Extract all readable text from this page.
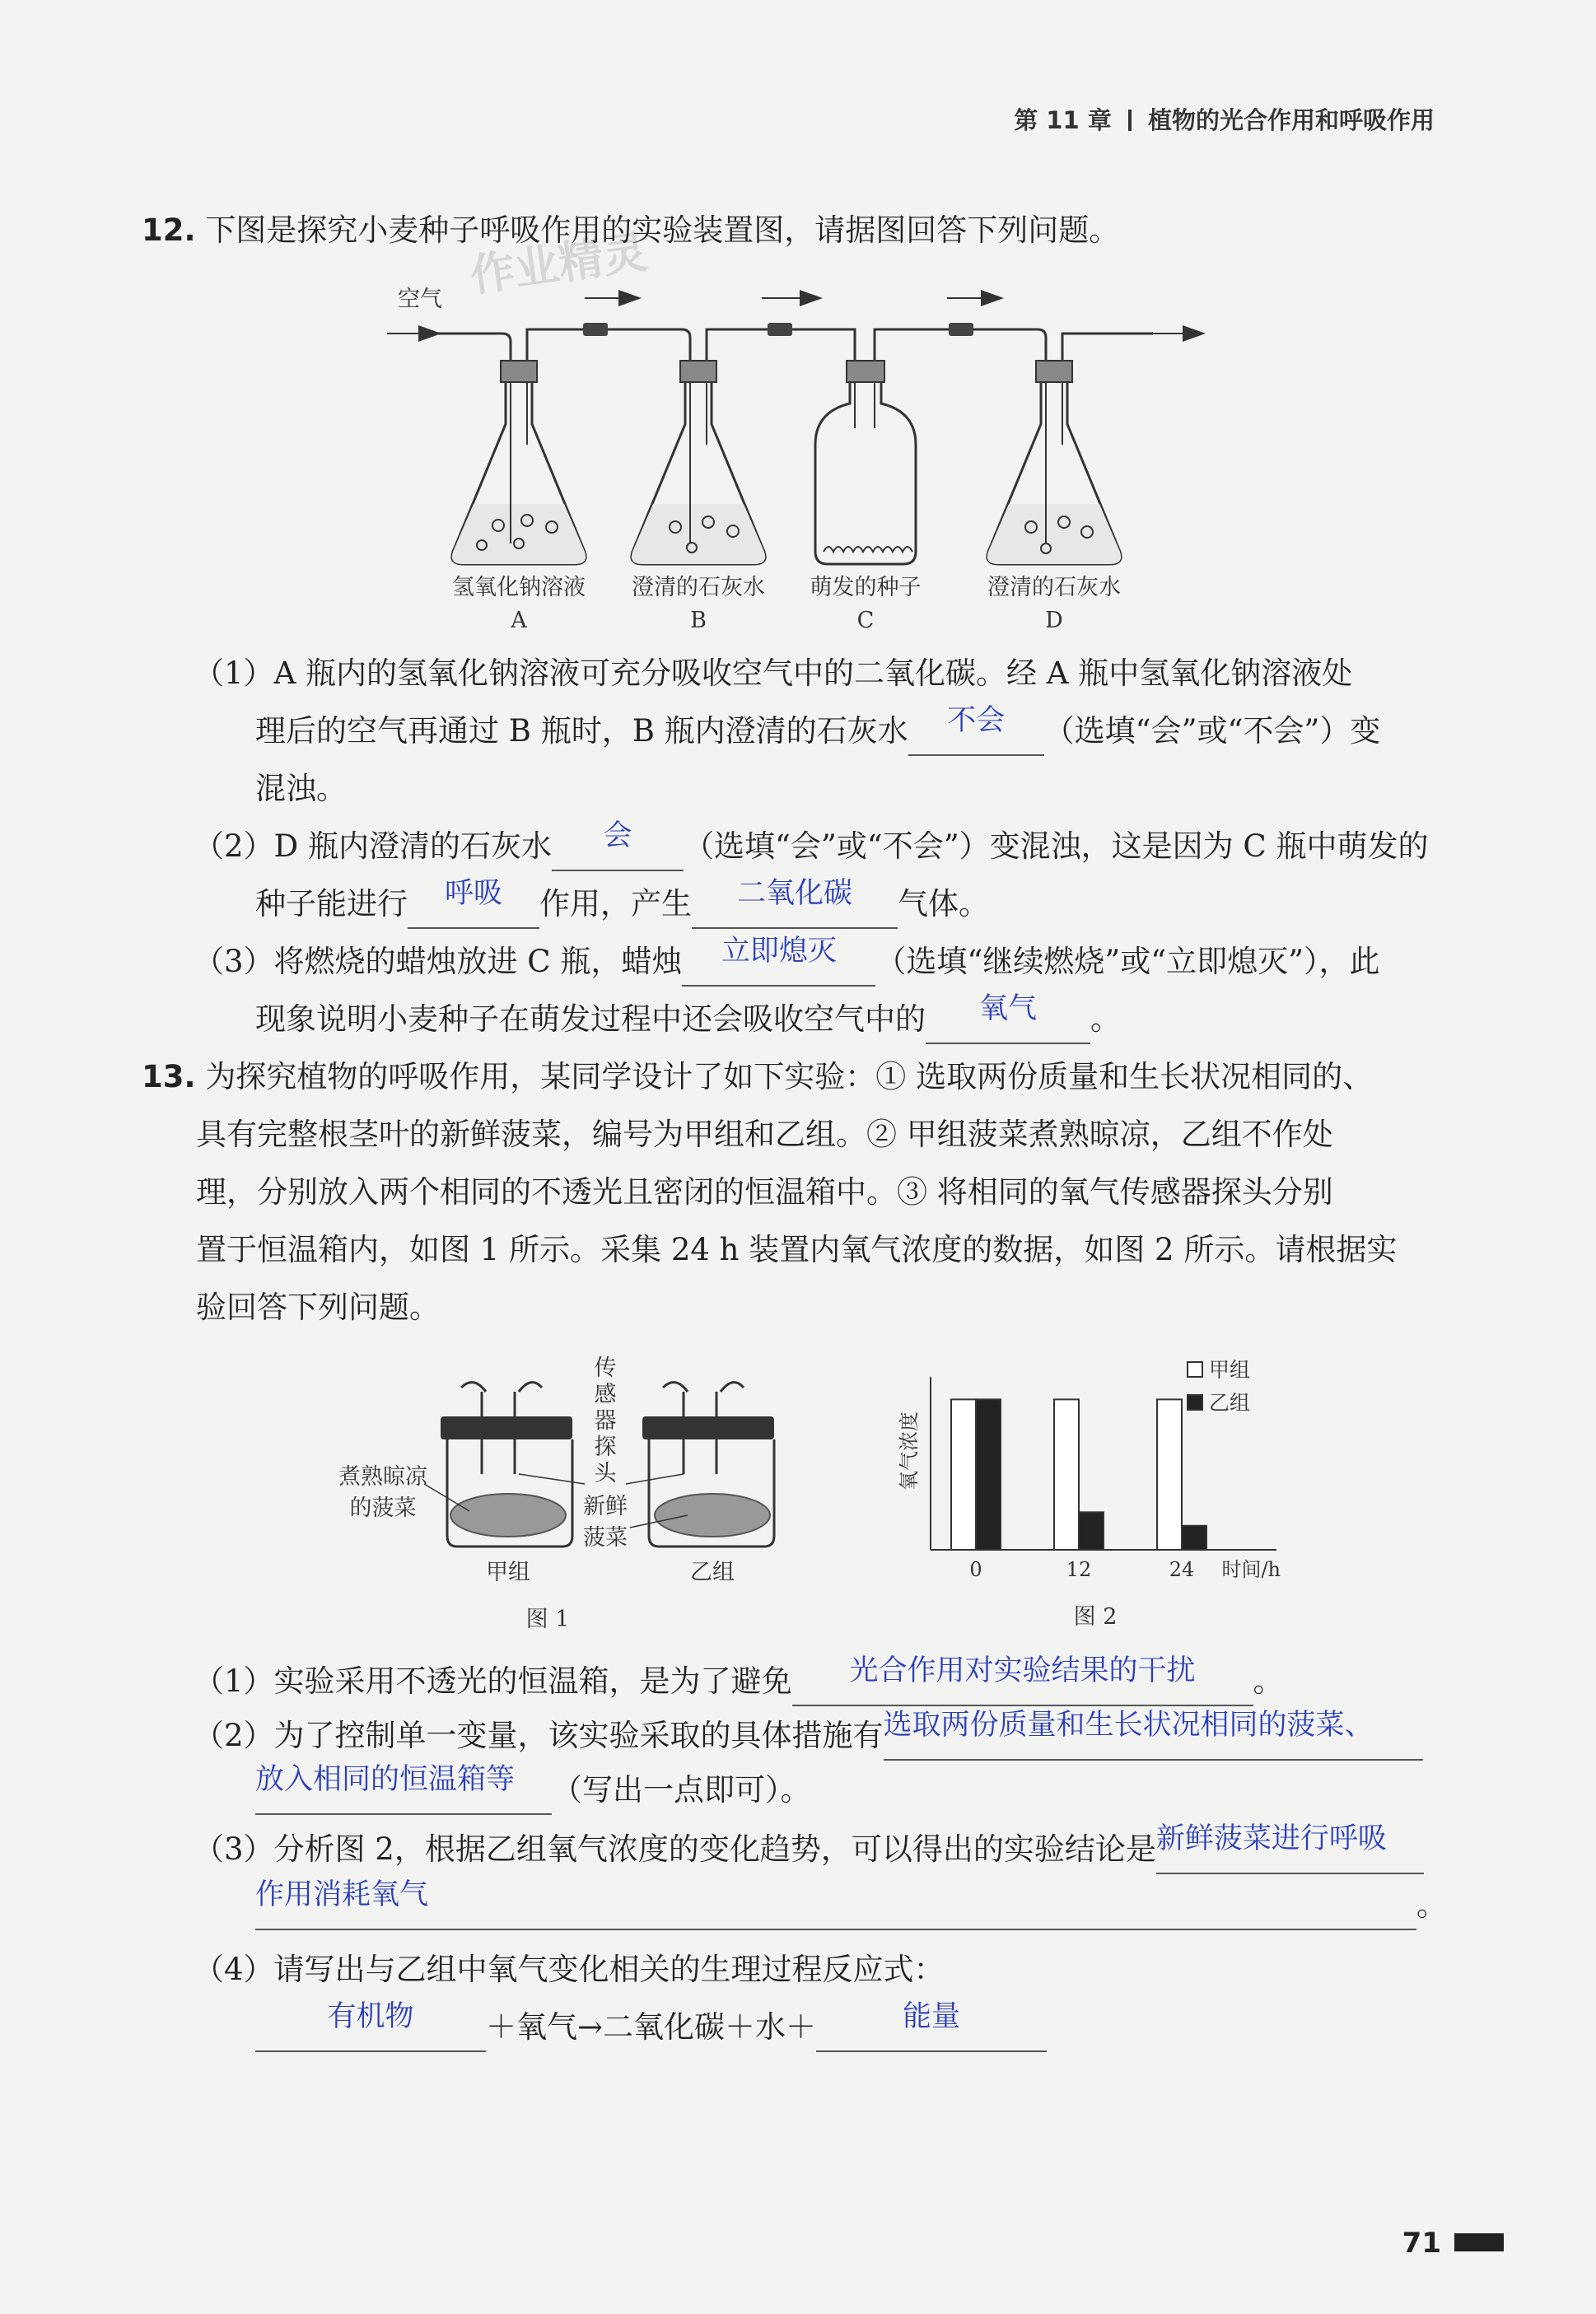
第 11 章 植物的光合作用和呼吸作用
作业精灵
12. 下图是探究小麦种子呼吸作用的实验装置图，请据图回答下列问题。
空气
氢氧化钠溶液
A
澄清的石灰水
B
萌发的种子
C
澄清的石灰水
D
（1）A 瓶内的氢氧化钠溶液可充分吸收空气中的二氧化碳。经 A 瓶中氢氧化钠溶液处
理后的空气再通过 B 瓶时，B 瓶内澄清的石灰水 不会 （选填“会”或“不会”）变
混浊。
（2）D 瓶内澄清的石灰水 会 （选填“会”或“不会”）变混浊，这是因为 C 瓶中萌发的
种子能进行 呼吸 作用，产生 二氧化碳 气体。
（3）将燃烧的蜡烛放进 C 瓶，蜡烛 立即熄灭 （选填“继续燃烧”或“立即熄灭”），此
现象说明小麦种子在萌发过程中还会吸收空气中的 氧气 。
13. 为探究植物的呼吸作用，某同学设计了如下实验：① 选取两份质量和生长状况相同的、
具有完整根茎叶的新鲜菠菜，编号为甲组和乙组。② 甲组菠菜煮熟晾凉，乙组不作处
理，分别放入两个相同的不透光且密闭的恒温箱中。③ 将相同的氧气传感器探头分别
置于恒温箱内，如图 1 所示。采集 24 h 装置内氧气浓度的数据，如图 2 所示。请根据实
验回答下列问题。
煮熟晾凉
的菠菜
传
感
器
探
头
新鲜
菠菜
甲组	乙组
图 1
氧气浓度
0	12	24 时间/h
甲组
乙组
图 2
（1）实验采用不透光的恒温箱，是为了避免 光合作用对实验结果的干扰 。
（2）为了控制单一变量，该实验采取的具体措施有选取两份质量和生长状况相同的菠菜、
放入相同的恒温箱等 （写出一点即可）。
（3）分析图 2，根据乙组氧气浓度的变化趋势，可以得出的实验结论是新鲜菠菜进行呼吸
作用消耗氧气	。
（4）请写出与乙组中氧气变化相关的生理过程反应式：
有机物 ＋氧气→二氧化碳＋水＋	能量
71
